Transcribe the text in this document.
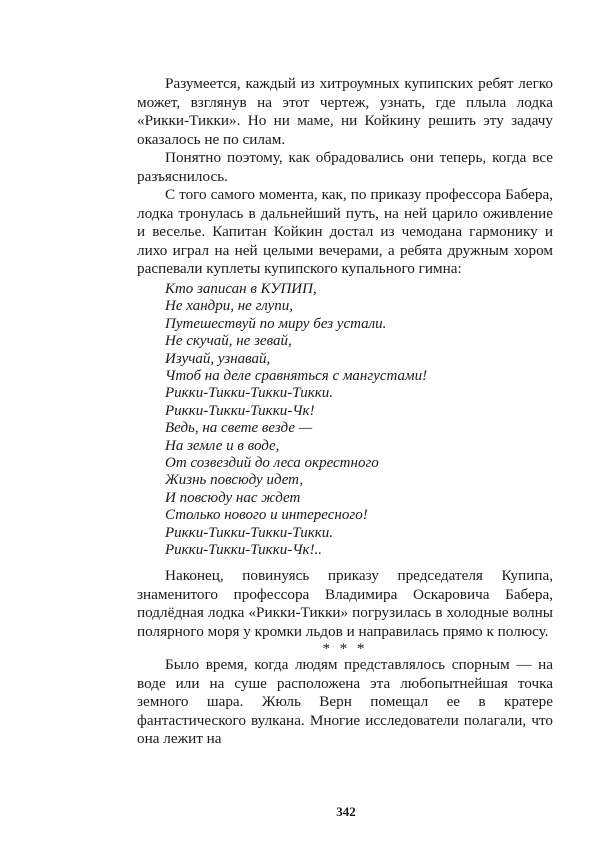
Разумеется, каждый из хитроумных купипских ребят легко может, взглянув на этот чертеж, узнать, где плыла лодка «Рикки-Тикки». Но ни маме, ни Койкину решить эту задачу оказалось не по силам.

Понятно поэтому, как обрадовались они теперь, когда все разъяснилось.

С того самого момента, как, по приказу профессора Бабера, лодка тронулась в дальнейший путь, на ней царило оживление и веселье. Капитан Койкин достал из чемодана гармонику и лихо играл на ней целыми вечерами, а ребята дружным хором распевали куплеты купипского купального гимна:

Кто записан в КУПИП,
Не хандри, не глупи,
Путешествуй по миру без устали.
Не скучай, не зевай,
Изучай, узнавай,
Чтоб на деле сравняться с мангустами!
Рикки-Тикки-Тикки-Тикки.
Рикки-Тикки-Тикки-Чк!
Ведь, на свете везде —
На земле и в воде,
От созвездий до леса окрестного
Жизнь повсюду идет,
И повсюду нас ждет
Столько нового и интересного!
Рикки-Тикки-Тикки-Тикки.
Рикки-Тикки-Тикки-Чк!..

Наконец, повинуясь приказу председателя Купипа, знаменитого профессора Владимира Оскаровича Бабера, подлёдная лодка «Рикки-Тикки» погрузилась в холодные волны полярного моря у кромки льдов и направилась прямо к полюсу.

* * *

Было время, когда людям представлялось спорным — на воде или на суше расположена эта любопытнейшая точка земного шара. Жюль Верн помещал ее в кратере фантастического вулкана. Многие исследователи полагали, что она лежит на

342
